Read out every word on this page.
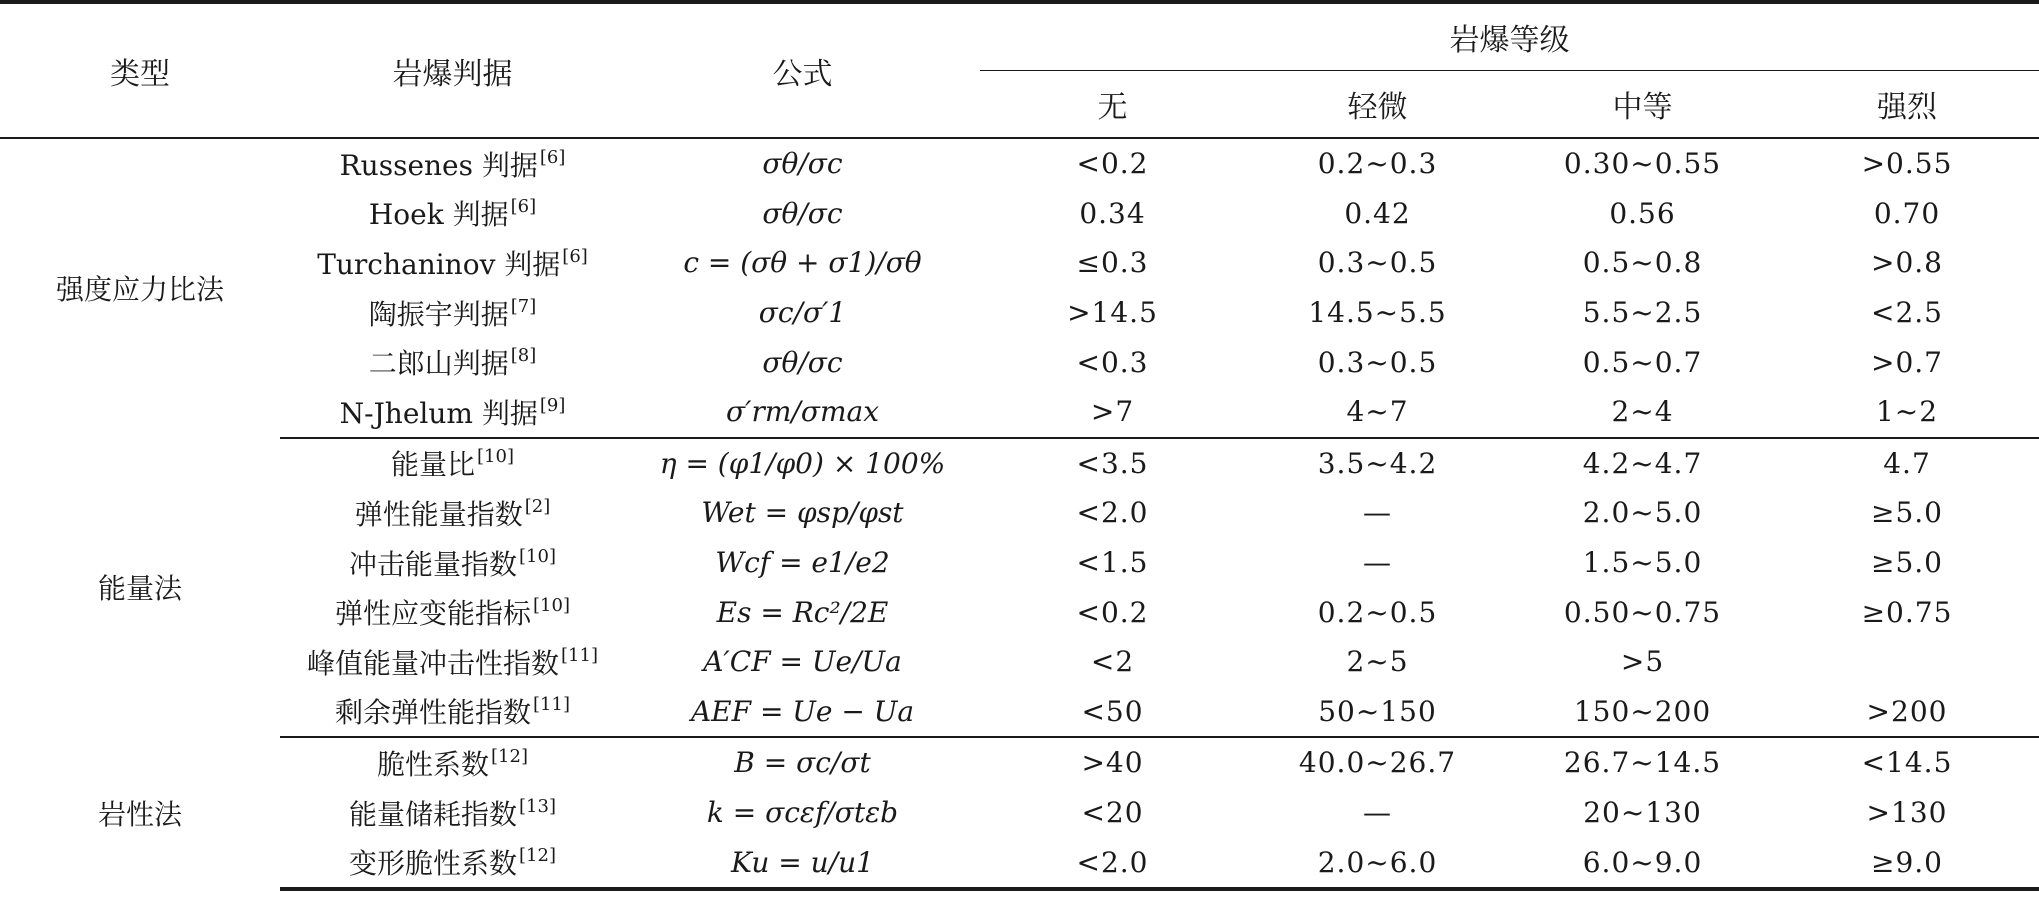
类型	岩爆判据	公式	岩爆等级			
			无	轻微	中等	强烈
强度应力比法	Russenes 判据 [6]	σθ/σc	<0.2	0.2~0.3	0.30~0.55	>0.55
	Hoek 判据 [6]	σθ/σc	0.34	0.42	0.56	0.70
	Turchaninov 判据 [6]	c = (σθ + σ1)/σθ	≤0.3	0.3~0.5	0.5~0.8	>0.8
	陶振宇判据 [7]	σc/σ′1	>14.5	14.5~5.5	5.5~2.5	<2.5
	二郎山判据 [8]	σθ/σc	<0.3	0.3~0.5	0.5~0.7	>0.7
	N-Jhelum 判据 [9]	σ′rm/σmax	>7	4~7	2~4	1~2
能量法	能量比 [10]	η = (φ1/φ0) × 100%	<3.5	3.5~4.2	4.2~4.7	4.7
	弹性能量指数 [2]	Wet = φsp/φst	<2.0	—	2.0~5.0	≥5.0
	冲击能量指数 [10]	Wcf = e1/e2	<1.5	—	1.5~5.0	≥5.0
	弹性应变能指标 [10]	Es = Rc²/2E	<0.2	0.2~0.5	0.50~0.75	≥0.75
	峰值能量冲击性指数 [11]	A′CF = Ue/Ua	<2	2~5	>5	
	剩余弹性能指数 [11]	AEF = Ue − Ua	<50	50~150	150~200	>200
岩性法	脆性系数 [12]	B = σc/σt	>40	40.0~26.7	26.7~14.5	<14.5
	能量储耗指数 [13]	k = σcεf/σtεb	<20	—	20~130	>130
	变形脆性系数 [12]	Ku = u/u1	<2.0	2.0~6.0	6.0~9.0	≥9.0
